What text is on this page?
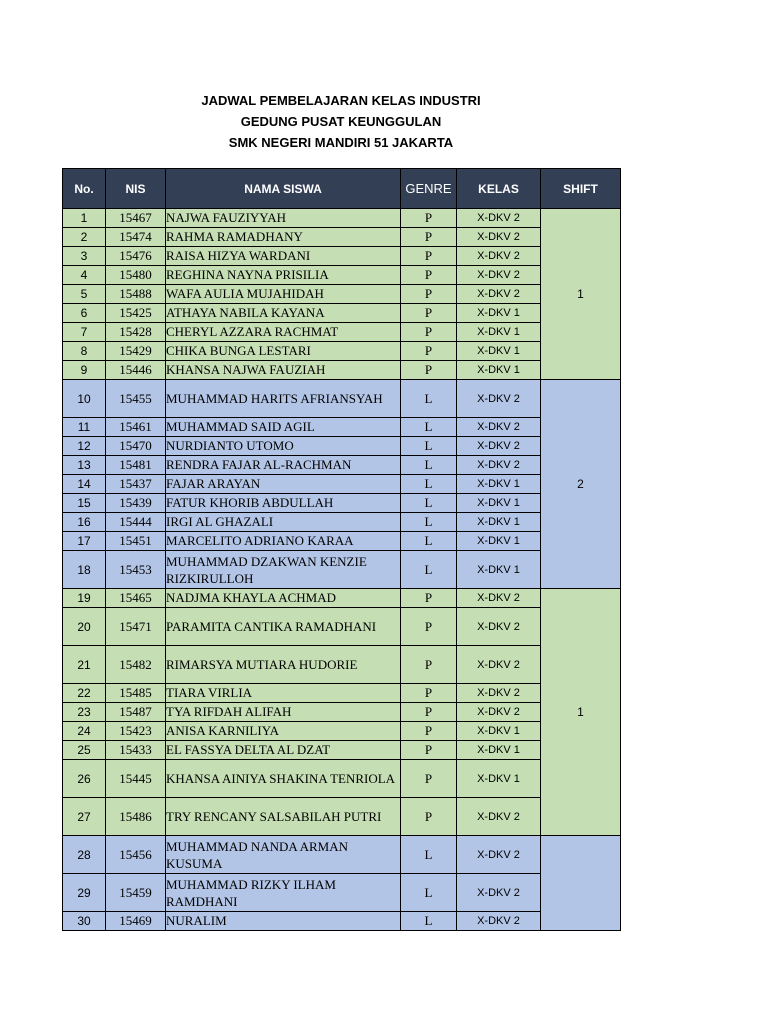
JADWAL PEMBELAJARAN KELAS INDUSTRI
GEDUNG PUSAT KEUNGGULAN
SMK NEGERI MANDIRI 51 JAKARTA
No.	NIS	NAMA SISWA	GENRE	KELAS	SHIFT
1	15467	NAJWA FAUZIYYAH	P	X-DKV 2	1
2	15474	RAHMA RAMADHANY	P	X-DKV 2	
3	15476	RAISA HIZYA WARDANI	P	X-DKV 2	
4	15480	REGHINA NAYNA PRISILIA	P	X-DKV 2	
5	15488	WAFA AULIA MUJAHIDAH	P	X-DKV 2	
6	15425	ATHAYA NABILA KAYANA	P	X-DKV 1	
7	15428	CHERYL AZZARA RACHMAT	P	X-DKV 1	
8	15429	CHIKA BUNGA LESTARI	P	X-DKV 1	
9	15446	KHANSA NAJWA FAUZIAH	P	X-DKV 1	
10	15455	MUHAMMAD HARITS AFRIANSYAH	L	X-DKV 2	2
11	15461	MUHAMMAD SAID AGIL	L	X-DKV 2	
12	15470	NURDIANTO UTOMO	L	X-DKV 2	
13	15481	RENDRA FAJAR AL-RACHMAN	L	X-DKV 2	
14	15437	FAJAR ARAYAN	L	X-DKV 1	
15	15439	FATUR KHORIB ABDULLAH	L	X-DKV 1	
16	15444	IRGI AL GHAZALI	L	X-DKV 1	
17	15451	MARCELITO ADRIANO KARAA	L	X-DKV 1	
18	15453	MUHAMMAD DZAKWAN KENZIE RIZKIRULLOH	L	X-DKV 1	
19	15465	NADJMA KHAYLA ACHMAD	P	X-DKV 2	1
20	15471	PARAMITA CANTIKA RAMADHANI	P	X-DKV 2	
21	15482	RIMARSYA MUTIARA HUDORIE	P	X-DKV 2	
22	15485	TIARA VIRLIA	P	X-DKV 2	
23	15487	TYA RIFDAH ALIFAH	P	X-DKV 2	
24	15423	ANISA KARNILIYA	P	X-DKV 1	
25	15433	EL FASSYA DELTA AL DZAT	P	X-DKV 1	
26	15445	KHANSA AINIYA SHAKINA TENRIOLA	P	X-DKV 1	
27	15486	TRY RENCANY SALSABILAH PUTRI	P	X-DKV 2	
28	15456	MUHAMMAD NANDA ARMAN KUSUMA	L	X-DKV 2	
29	15459	MUHAMMAD RIZKY ILHAM RAMDHANI	L	X-DKV 2	
30	15469	NURALIM	L	X-DKV 2	
